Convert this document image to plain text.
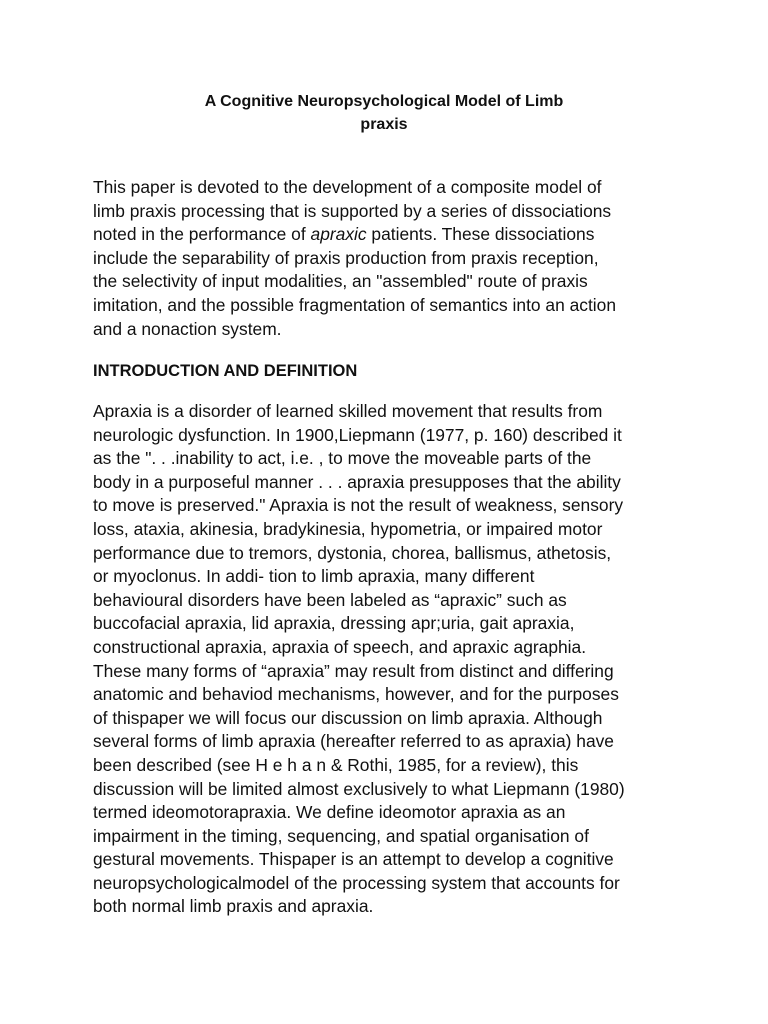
A Cognitive Neuropsychological Model of Limb
praxis
This paper is devoted to the development of a composite model of
limb praxis processing that is supported by a series of dissociations
noted in the performance of apraxic patients. These dissociations
include the separability of praxis production from praxis reception,
the selectivity of input modalities, an "assembled" route of praxis
imitation, and the possible fragmentation of semantics into an action
and a nonaction system.
INTRODUCTION AND DEFINITION
Apraxia is a disorder of learned skilled movement that results from
neurologic dysfunction. In 1900,Liepmann (1977, p. 160) described it
as the ". . .inability to act, i.e. , to move the moveable parts of the
body in a purposeful manner . . . apraxia presupposes that the ability
to move is preserved." Apraxia is not the result of weakness, sensory
loss, ataxia, akinesia, bradykinesia, hypometria, or impaired motor
performance due to tremors, dystonia, chorea, ballismus, athetosis,
or myoclonus. In addi- tion to limb apraxia, many different
behavioural disorders have been labeled as “apraxic” such as
buccofacial apraxia, lid apraxia, dressing apr;uria, gait apraxia,
constructional apraxia, apraxia of speech, and apraxic agraphia.
These many forms of “apraxia” may result from distinct and differing
anatomic and behaviod mechanisms, however, and for the purposes
of thispaper we will focus our discussion on limb apraxia. Although
several forms of limb apraxia (hereafter referred to as apraxia) have
been described (see H e h a n & Rothi, 1985, for a review), this
discussion will be limited almost exclusively to what Liepmann (1980)
termed ideomotorapraxia. We define ideomotor apraxia as an
impairment in the timing, sequencing, and spatial organisation of
gestural movements. Thispaper is an attempt to develop a cognitive
neuropsychologicalmodel of the processing system that accounts for
both normal limb praxis and apraxia.
